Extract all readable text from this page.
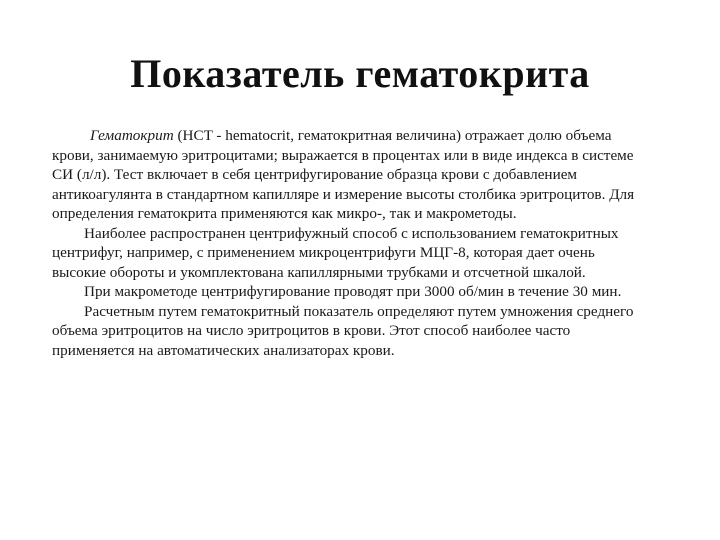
Показатель гематокрита

Гематокрит (HCT - hematocrit, гематокритная величина) отражает долю объема крови, занимаемую эритроцитами; выражается в процентах или в виде индекса в системе СИ (л/л). Тест включает в себя центрифугирование образца крови с добавлением антикоагулянта в стандартном капилляре и измерение высоты столбика эритроцитов. Для определения гематокрита применяются как микро-, так и макрометоды.

Наиболее распространен центрифужный способ с использованием гематокритных центрифуг, например, с применением микроцентрифуги МЦГ-8, которая дает очень высокие обороты и укомплектована капиллярными трубками и отсчетной шкалой.

При макрометоде центрифугирование проводят при 3000 об/мин в течение 30 мин.

Расчетным путем гематокритный показатель определяют путем умножения среднего объема эритроцитов на число эритроцитов в крови. Этот способ наиболее часто применяется на автоматических анализаторах крови.
